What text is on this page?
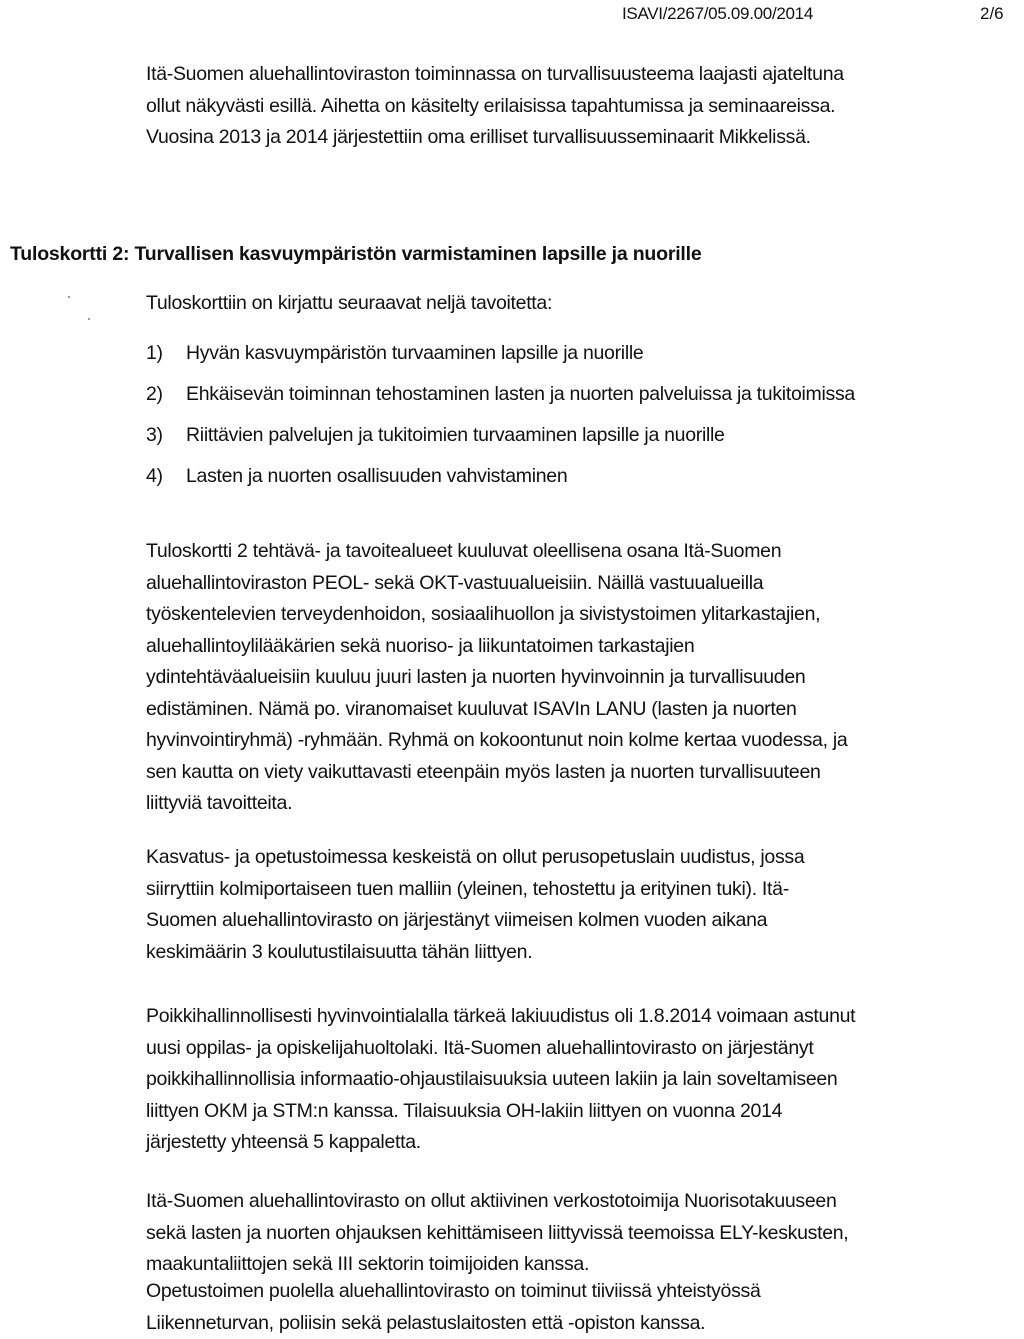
ISAVI/2267/05.09.00/2014	2/6

Itä-Suomen aluehallintoviraston toiminnassa on turvallisuusteema laajasti ajateltuna

ollut näkyvästi esillä. Aihetta on käsitelty erilaisissa tapahtumissa ja seminaareissa.

Vuosina 2013 ja 2014 järjestettiin oma erilliset turvallisuusseminaarit Mikkelissä.

Tuloskortti 2: Turvallisen kasvuympäristön varmistaminen lapsille ja nuorille
Tuloskorttiin on kirjattu seuraavat neljä tavoitetta:
1) Hyvän kasvuympäristön turvaaminen lapsille ja nuorille
2) Ehkäisevän toiminnan tehostaminen lasten ja nuorten palveluissa ja tukitoimissa
3) Riittävien palvelujen ja tukitoimien turvaaminen lapsille ja nuorille
4) Lasten ja nuorten osallisuuden vahvistaminen

Tuloskortti 2 tehtävä- ja tavoitealueet kuuluvat oleellisena osana Itä-Suomen

aluehallintoviraston PEOL- sekä OKT-vastuualueisiin. Näillä vastuualueilla

työskentelevien terveydenhoidon, sosiaalihuollon ja sivistystoimen ylitarkastajien,

aluehallintoylilääkärien sekä nuoriso- ja liikuntatoimen tarkastajien

ydintehtäväalueisiin kuuluu juuri lasten ja nuorten hyvinvoinnin ja turvallisuuden

edistäminen. Nämä po. viranomaiset kuuluvat ISAVIn LANU (lasten ja nuorten

hyvinvointiryhmä) -ryhmään. Ryhmä on kokoontunut noin kolme kertaa vuodessa, ja

sen kautta on viety vaikuttavasti eteenpäin myös lasten ja nuorten turvallisuuteen

liittyviä tavoitteita.

Kasvatus- ja opetustoimessa keskeistä on ollut perusopetuslain uudistus, jossa

siirryttiin kolmiportaiseen tuen malliin (yleinen, tehostettu ja erityinen tuki). Itä-

Suomen aluehallintovirasto on järjestänyt viimeisen kolmen vuoden aikana

keskimäärin 3 koulutustilaisuutta tähän liittyen.

Poikkihallinnollisesti hyvinvointialalla tärkeä lakiuudistus oli 1.8.2014 voimaan astunut

uusi oppilas- ja opiskelijahuoltolaki. Itä-Suomen aluehallintovirasto on järjestänyt

poikkihallinnollisia informaatio-ohjaustilaisuuksia uuteen lakiin ja lain soveltamiseen

liittyen OKM ja STM:n kanssa. Tilaisuuksia OH-lakiin liittyen on vuonna 2014

järjestetty yhteensä 5 kappaletta.

Itä-Suomen aluehallintovirasto on ollut aktiivinen verkostotoimija Nuorisotakuuseen

sekä lasten ja nuorten ohjauksen kehittämiseen liittyvissä teemoissa ELY-keskusten,

maakuntaliittojen sekä III sektorin toimijoiden kanssa.

Opetustoimen puolella aluehallintovirasto on toiminut tiiviissä yhteistyössä

Liikenneturvan, poliisin sekä pelastuslaitosten että -opiston kanssa.
